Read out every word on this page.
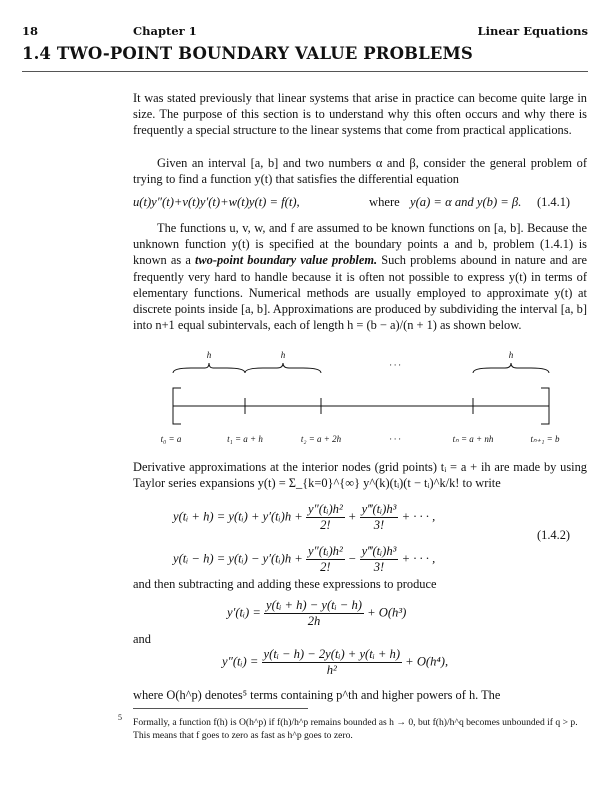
18	Chapter 1	Linear Equations
1.4 TWO-POINT BOUNDARY VALUE PROBLEMS
It was stated previously that linear systems that arise in practice can become quite large in size. The purpose of this section is to understand why this often occurs and why there is frequently a special structure to the linear systems that come from practical applications.
Given an interval [a, b] and two numbers α and β, consider the general problem of trying to find a function y(t) that satisfies the differential equation
u(t)y″(t)+v(t)y′(t)+w(t)y(t) = f(t),	where y(a) = α and y(b) = β. (1.4.1)
The functions u, v, w, and f are assumed to be known functions on [a, b]. Because the unknown function y(t) is specified at the boundary points a and b, problem (1.4.1) is known as a two-point boundary value problem. Such problems abound in nature and are frequently very hard to handle because it is often not possible to express y(t) in terms of elementary functions. Numerical methods are usually employed to approximate y(t) at discrete points inside [a, b]. Approximations are produced by subdividing the interval [a, b] into n+1 equal subintervals, each of length h = (b − a)/(n + 1) as shown below.
h	h	h
· · ·
t₀ = a	t₁ = a + h	t₂ = a + 2h	· · ·	tₙ = a + nh	tₙ₊₁ = b
Derivative approximations at the interior nodes (grid points) tᵢ = a + ih are made by using Taylor series expansions y(t) = Σ_{k=0}^{∞} y^(k)(tᵢ)(t − tᵢ)^k/k! to write
y(tᵢ + h) = y(tᵢ) + y′(tᵢ)h + $\frac{\text{y″(tᵢ)h²}}{2!} + \frac{\text{y‴(tᵢ)h³}}{3!}$ + · · · ,
y(tᵢ − h) = y(tᵢ) − y′(tᵢ)h + $\frac{\text{y″(tᵢ)h²}}{2!} - \frac{\text{y‴(tᵢ)h³}}{3!}$ + · · · ,
(1.4.2)
and then subtracting and adding these expressions to produce
y′(tᵢ) = $\frac{\text{y(tᵢ + h) − y(tᵢ − h)}}{2h} + O(h^3)$
and
y″(tᵢ) = $\frac{\text{y(tᵢ − h) − 2y(tᵢ) + y(tᵢ + h)}}{\text{h²}} + O(h^4)$,
where O(h^p) denotes⁵ terms containing p^th and higher powers of h. The
5 Formally, a function f(h) is O(h^p) if f(h)/h^p remains bounded as h → 0, but f(h)/h^q becomes unbounded if q > p. This means that f goes to zero as fast as h^p goes to zero.
